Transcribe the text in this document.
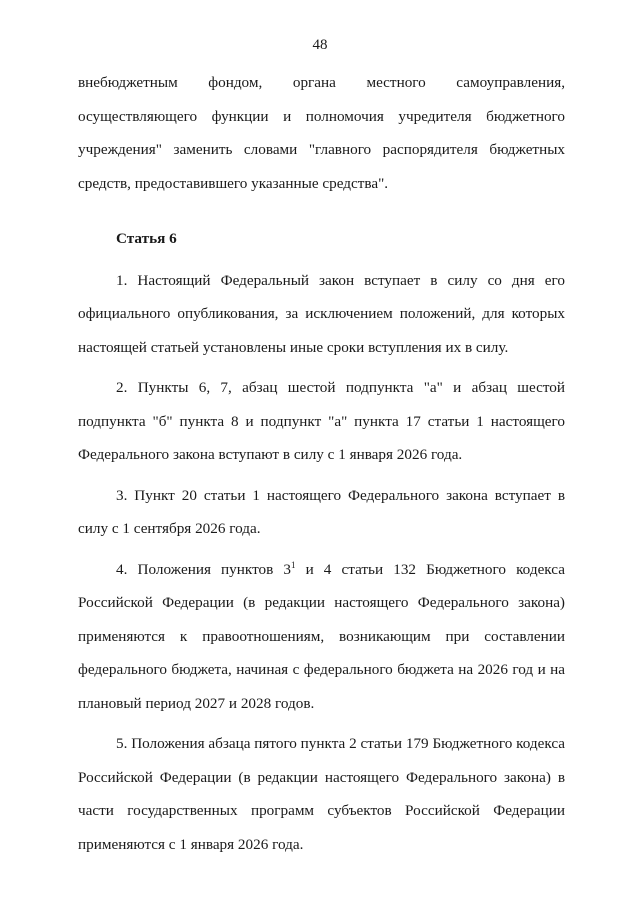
48

внебюджетным фондом, органа местного самоуправления, осуществляющего функции и полномочия учредителя бюджетного учреждения" заменить словами "главного распорядителя бюджетных средств, предоставившего указанные средства".

Статья 6

1. Настоящий Федеральный закон вступает в силу со дня его официального опубликования, за исключением положений, для которых настоящей статьей установлены иные сроки вступления их в силу.

2. Пункты 6, 7, абзац шестой подпункта "а" и абзац шестой подпункта "б" пункта 8 и подпункт "а" пункта 17 статьи 1 настоящего Федерального закона вступают в силу с 1 января 2026 года.

3. Пункт 20 статьи 1 настоящего Федерального закона вступает в силу с 1 сентября 2026 года.

4. Положения пунктов $3^1$ и 4 статьи 132 Бюджетного кодекса Российской Федерации (в редакции настоящего Федерального закона) применяются к правоотношениям, возникающим при составлении федерального бюджета, начиная с федерального бюджета на 2026 год и на плановый период 2027 и 2028 годов.

5. Положения абзаца пятого пункта 2 статьи 179 Бюджетного кодекса Российской Федерации (в редакции настоящего Федерального закона) в части государственных программ субъектов Российской Федерации применяются с 1 января 2026 года.
